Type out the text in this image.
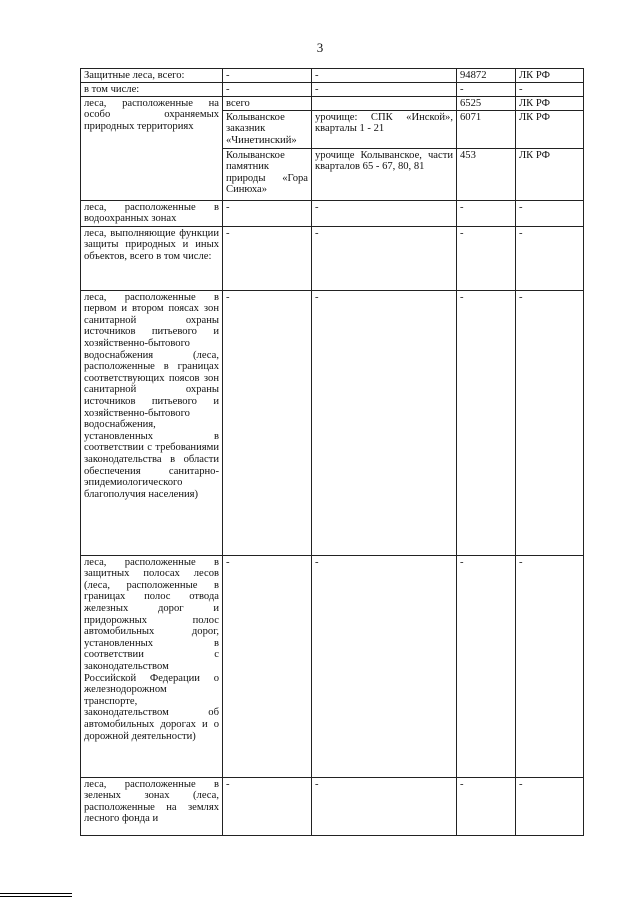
3
Защитные леса, всего:	-	-	94872	ЛК РФ
в том числе:	-	-	-	-
леса, расположенные на особо охраняемых природных территориях	всего		6525	ЛК РФ
	Колыванское заказник «Чинетинский»	урочище: СПК «Инской», кварталы 1 - 21	6071	ЛК РФ
	Колыванское памятник природы «Гора Синюха»	урочище Колыванское, части кварталов 65 - 67, 80, 81	453	ЛК РФ
леса, расположенные в водоохранных зонах	-	-	-	-
леса, выполняющие функции защиты природных и иных объектов, всего в том числе:	-	-	-	-
леса, расположенные в первом и втором поясах зон санитарной охраны источников питьевого и хозяйственно-бытового водоснабжения (леса, расположенные в границах соответствующих поясов зон санитарной охраны источников питьевого и хозяйственно-бытового водоснабжения, установленных в соответствии с требованиями законодательства в области обеспечения санитарно-эпидемиологического благополучия населения)	-	-	-	-
леса, расположенные в защитных полосах лесов (леса, расположенные в границах полос отвода железных дорог и придорожных полос автомобильных дорог, установленных в соответствии с законодательством Российской Федерации о железнодорожном транспорте, законодательством об автомобильных дорогах и о дорожной деятельности)	-	-	-	-
леса, расположенные в зеленых зонах (леса, расположенные на землях лесного фонда и	-	-	-	-
